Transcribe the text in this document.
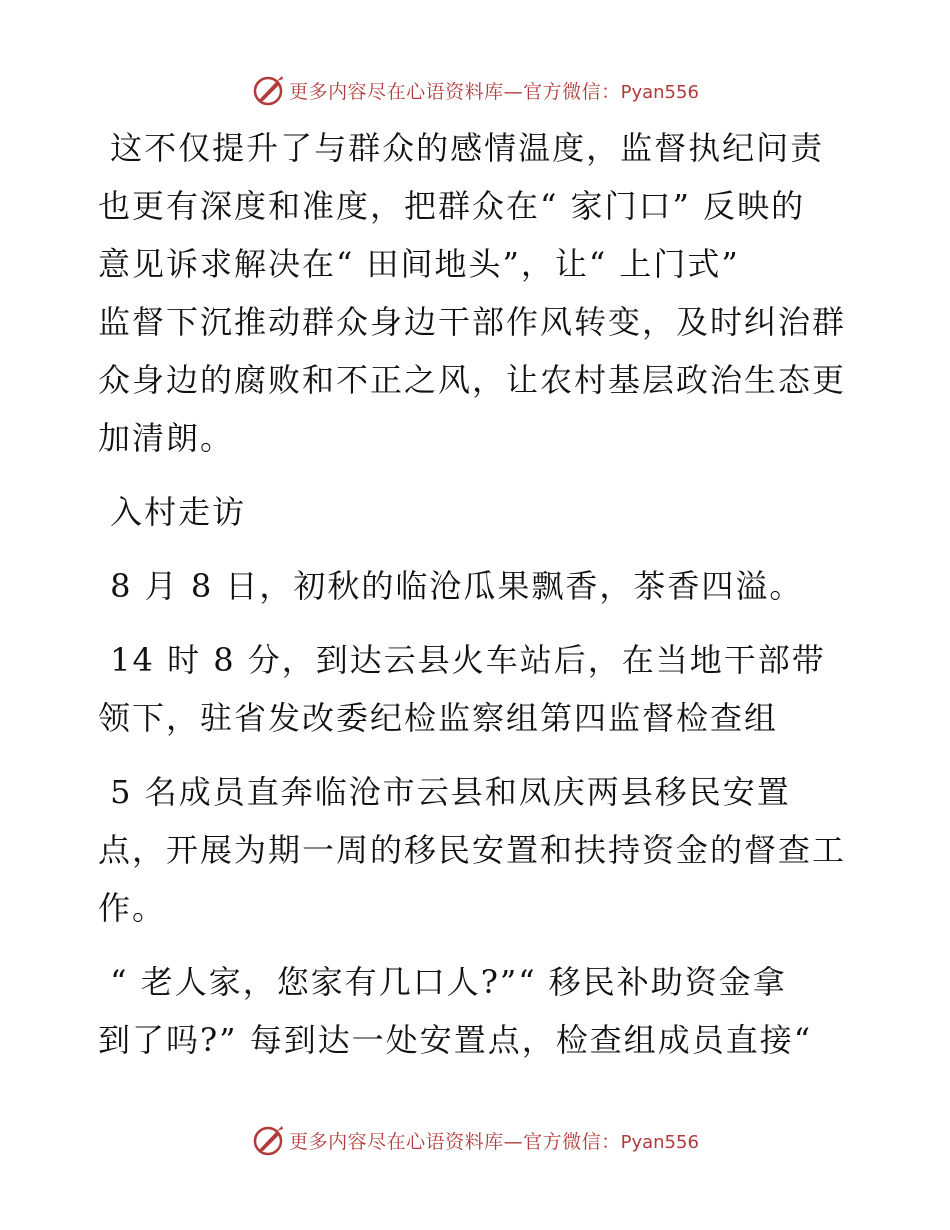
更多内容尽在心语资料库—官方微信：Pyan556
这不仅提升了与群众的感情温度，监督执纪问责
也更有深度和准度，把群众在“ 家门口” 反映的
意见诉求解决在“ 田间地头”，让“ 上门式”
监督下沉推动群众身边干部作风转变，及时纠治群
众身边的腐败和不正之风，让农村基层政治生态更
加清朗。
入村走访
8 月 8 日，初秋的临沧瓜果飘香，茶香四溢。
14 时 8 分，到达云县火车站后，在当地干部带
领下，驻省发改委纪检监察组第四监督检查组
5 名成员直奔临沧市云县和凤庆两县移民安置
点，开展为期一周的移民安置和扶持资金的督查工
作。
“ 老人家，您家有几口人?”“ 移民补助资金拿
到了吗?” 每到达一处安置点，检查组成员直接“
更多内容尽在心语资料库—官方微信：Pyan556
